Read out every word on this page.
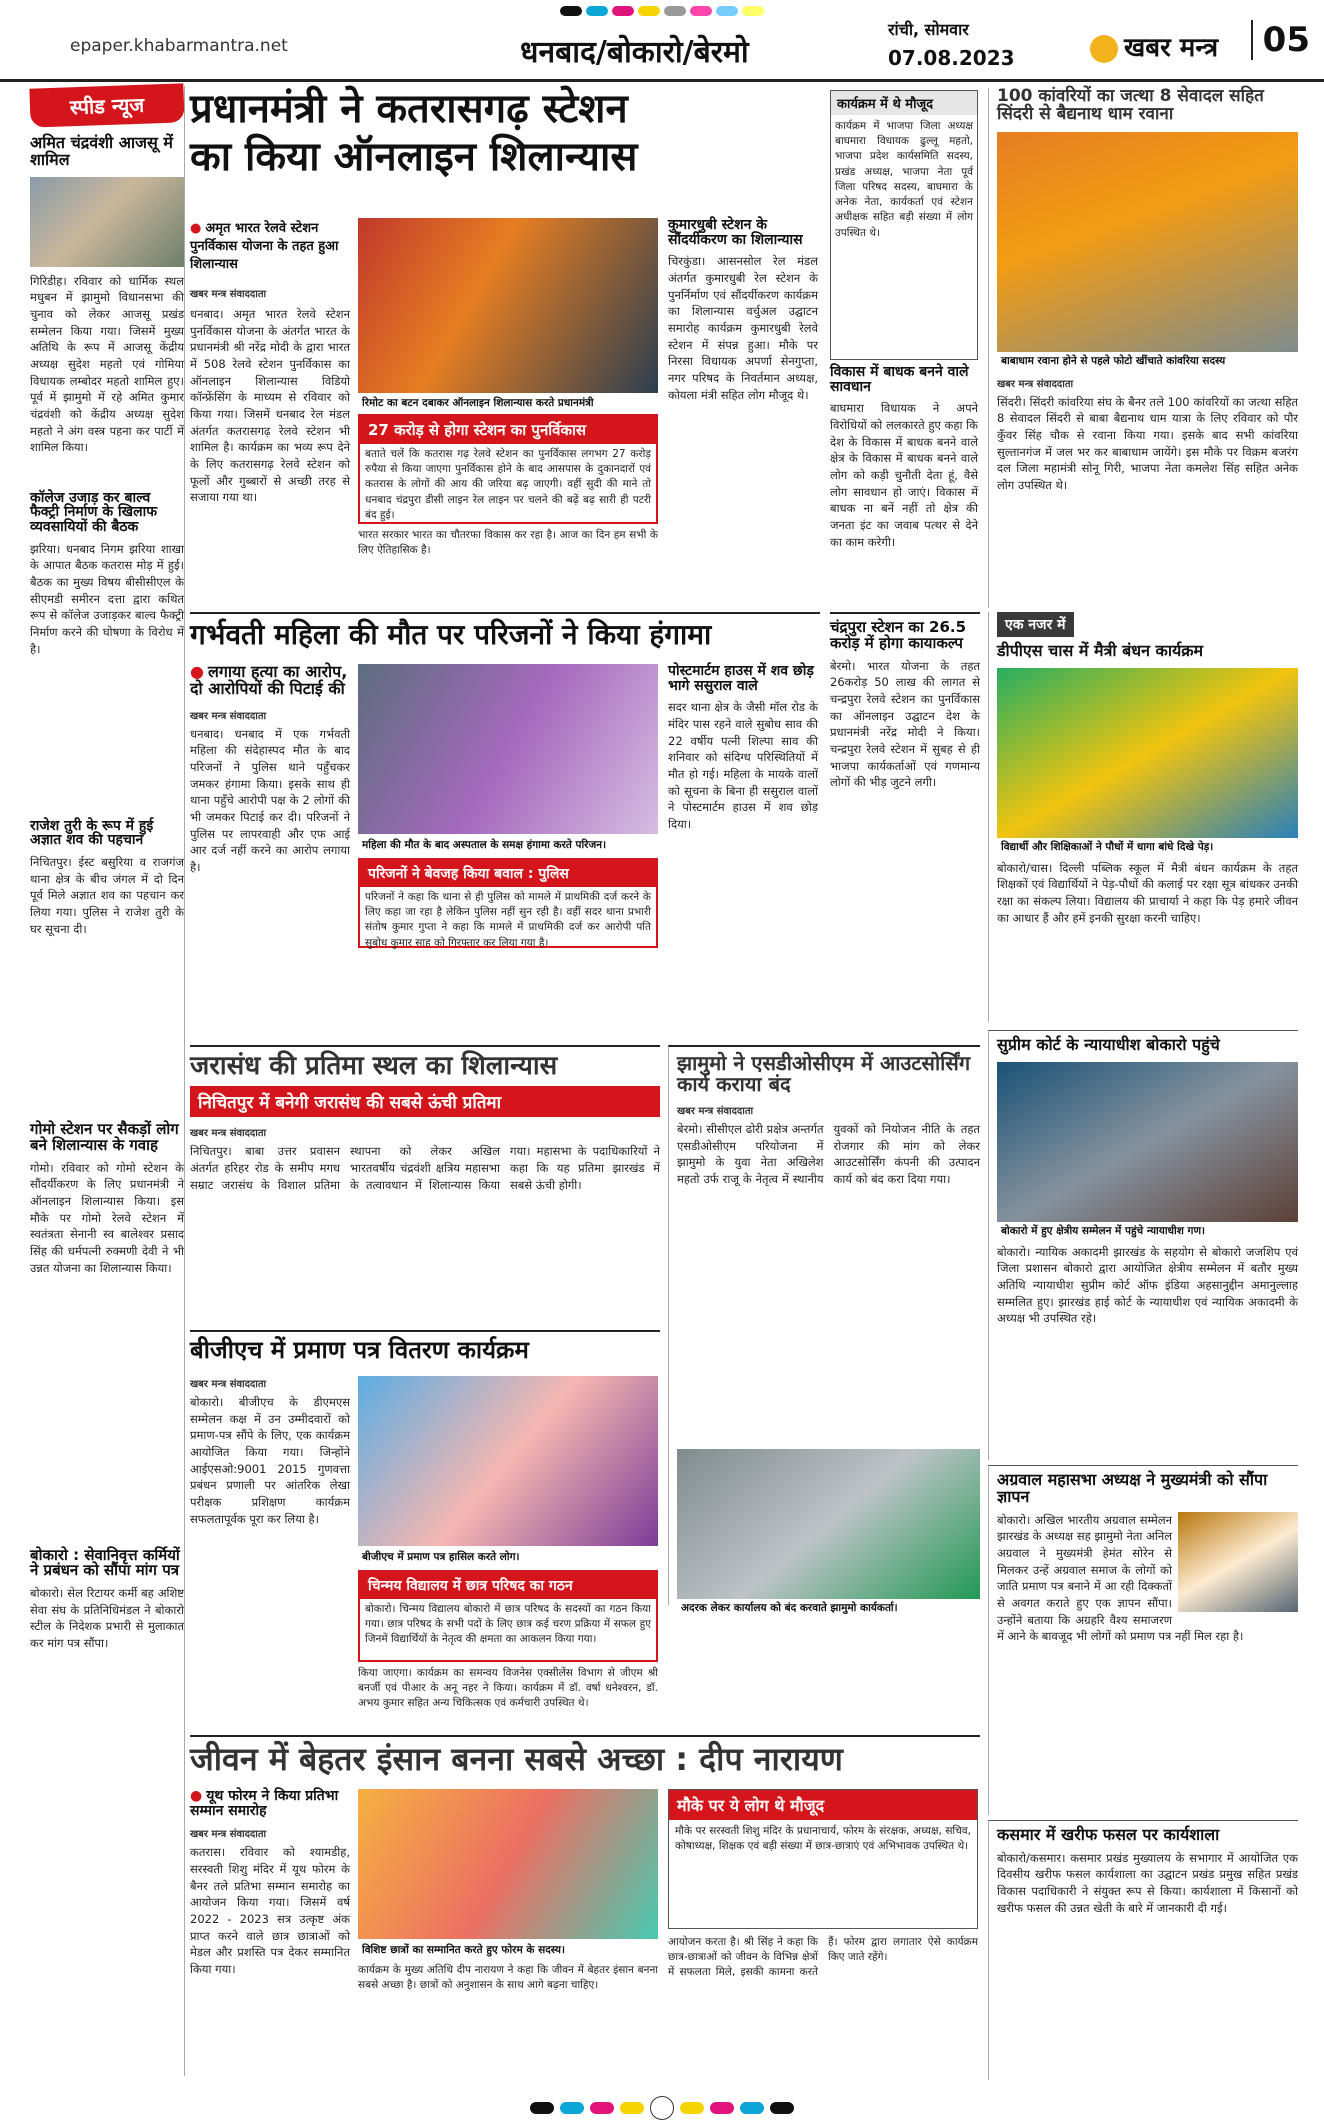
epaper.khabarmantra.net	धनबाद/बोकारो/बेरमो
रांची, सोमवार
07.08.2023	खबर मन्त्र	05
स्पीड न्यूज
अमित चंद्रवंशी आजसू में शामिल
गिरिडीह। रविवार को धार्मिक स्थल मधुबन में झामुमो विधानसभा की चुनाव को लेकर आजसू प्रखंड सम्मेलन किया गया। जिसमें मुख्य अतिथि के रूप में आजसू केंद्रीय अध्यक्ष सुदेश महतो एवं गोमिया विधायक लम्बोदर महतो शामिल हुए। पूर्व में झामुमो में रहे अमित कुमार चंद्रवंशी को केंद्रीय अध्यक्ष सुदेश महतो ने अंग वस्त्र पहना कर पार्टी में शामिल किया।
कॉलेज उजाड़ कर बाल्व फैक्ट्री निर्माण के खिलाफ व्यवसायियों की बैठक
झरिया। धनबाद निगम झरिया शाखा के आपात बैठक कतरास मोड़ में हुई। बैठक का मुख्य विषय बीसीसीएल के सीएमडी समीरन दत्ता द्वारा कथित रूप से कॉलेज उजाड़कर बाल्व फैक्ट्री निर्माण करने की घोषणा के विरोध में है।
राजेश तुरी के रूप में हुई अज्ञात शव की पहचान
निचितपुर। ईस्ट बसुरिया व राजगंज थाना क्षेत्र के बीच जंगल में दो दिन पूर्व मिले अज्ञात शव का पहचान कर लिया गया। पुलिस ने राजेश तुरी के घर सूचना दी।
गोमो स्टेशन पर सैकड़ों लोग बने शिलान्यास के गवाह
गोमो। रविवार को गोमो स्टेशन के सौंदर्यीकरण के लिए प्रधानमंत्री ने ऑनलाइन शिलान्यास किया। इस मौके पर गोमो रेलवे स्टेशन में स्वतंत्रता सेनानी स्व बालेश्वर प्रसाद सिंह की धर्मपत्नी रुक्मणी देवी ने भी उन्नत योजना का शिलान्यास किया।
बोकारो : सेवानिवृत्त कर्मियों ने प्रबंधन को सौंपा मांग पत्र
बोकारो। सेल रिटायर कर्मी बह अशिष्ट सेवा संघ के प्रतिनिधिमंडल ने बोकारो स्टील के निदेशक प्रभारी से मुलाकात कर मांग पत्र सौंपा।
प्रधानमंत्री ने कतरासगढ़ स्टेशन
का किया ऑनलाइन शिलान्यास
● अमृत भारत रेलवे स्टेशन पुनर्विकास योजना के तहत हुआ शिलान्यास
खबर मन्त्र संवाददाता
धनबाद। अमृत भारत रेलवे स्टेशन पुनर्विकास योजना के अंतर्गत भारत के प्रधानमंत्री श्री नरेंद्र मोदी के द्वारा भारत में 508 रेलवे स्टेशन पुनर्विकास का ऑनलाइन शिलान्यास विडियो कॉन्फ्रेंसिंग के माध्यम से रविवार को किया गया। जिसमें धनबाद रेल मंडल अंतर्गत कतरासगढ़ रेलवे स्टेशन भी शामिल है। कार्यक्रम का भव्य रूप देने के लिए कतरासगढ़ रेलवे स्टेशन को फूलों और गुब्बारों से अच्छी तरह से सजाया गया था।
रिमोट का बटन दबाकर ऑनलाइन शिलान्यास करते प्रधानमंत्री
27 करोड़ से होगा स्टेशन का पुनर्विकास
बताते चलें कि कतरास गढ़ रेलवे स्टेशन का पुनर्विकास लगभग 27 करोड़ रुपैया से किया जाएगा पुनर्विकास होने के बाद आसपास के दुकानदारों एवं कतरास के लोगों की आय की जरिया बढ़ जाएगी। वहीं सुदी की माने तो धनबाद चंद्रपुरा डीसी लाइन रेल लाइन पर चलने की बढ़ें बढ़ सारी ही पटरी बंद हुई।
भारत सरकार भारत का चौतरफा विकास कर रहा है। आज का दिन हम सभी के लिए ऐतिहासिक है।
कुमारधुबी स्टेशन के सौंदर्यीकरण का शिलान्यास
चिरकुंडा। आसनसोल रेल मंडल अंतर्गत कुमारधुबी रेल स्टेशन के पुनर्निर्माण एवं सौंदर्यीकरण कार्यक्रम का शिलान्यास वर्चुअल उद्घाटन समारोह कार्यक्रम कुमारधुबी रेलवे स्टेशन में संपन्न हुआ। मौके पर निरसा विधायक अपर्णा सेनगुप्ता, नगर परिषद के निवर्तमान अध्यक्ष, कोयला मंत्री सहित लोग मौजूद थे।
कार्यक्रम में थे मौजूद
कार्यक्रम में भाजपा जिला अध्यक्ष बाघमारा विधायक ढुल्लू महतो, भाजपा प्रदेश कार्यसमिति सदस्य, प्रखंड अध्यक्ष, भाजपा नेता पूर्व जिला परिषद सदस्य, बाघमारा के अनेक नेता, कार्यकर्ता एवं स्टेशन अधीक्षक सहित बड़ी संख्या में लोग उपस्थित थे।
विकास में बाधक बनने वाले सावधान
बाघमारा विधायक ने अपने विरोधियों को ललकारते हुए कहा कि देश के विकास में बाधक बनने वाले क्षेत्र के विकास में बाधक बनने वाले लोग को कड़ी चुनौती देता हूं, वैसे लोग सावधान हो जाएं। विकास में बाधक ना बनें नहीं तो क्षेत्र की जनता इंट का जवाब पत्थर से देने का काम करेगी।
100 कांवरियों का जत्था 8 सेवादल सहित सिंदरी से बैद्यनाथ धाम रवाना
बाबाधाम रवाना होने से पहले फोटो खींचाते कांवरिया सदस्य
खबर मन्त्र संवाददाता
सिंदरी। सिंदरी कांवरिया संघ के बैनर तले 100 कांवरियों का जत्था सहित 8 सेवादल सिंदरी से बाबा बैद्यनाथ धाम यात्रा के लिए रविवार को पौर कुँवर सिंह चौक से रवाना किया गया। इसके बाद सभी कांवरिया सुल्तानगंज में जल भर कर बाबाधाम जायेंगे। इस मौके पर विक्रम बजरंग दल जिला महामंत्री सोनू गिरी, भाजपा नेता कमलेश सिंह सहित अनेक लोग उपस्थित थे।
गर्भवती महिला की मौत पर परिजनों ने किया हंगामा
● लगाया हत्या का आरोप, दो आरोपियों की पिटाई की
खबर मन्त्र संवाददाता
धनबाद। धनबाद में एक गर्भवती महिला की संदेहास्पद मौत के बाद परिजनों ने पुलिस थाने पहुँचकर जमकर हंगामा किया। इसके साथ ही थाना पहुँचे आरोपी पक्ष के 2 लोगों की भी जमकर पिटाई कर दी। परिजनों ने पुलिस पर लापरवाही और एफ आई आर दर्ज नहीं करने का आरोप लगाया है।
महिला की मौत के बाद अस्पताल के समक्ष हंगामा करते परिजन।
परिजनों ने बेवजह किया बवाल : पुलिस
परिजनों ने कहा कि थाना से ही पुलिस को मामले में प्राथमिकी दर्ज करने के लिए कहा जा रहा है लेकिन पुलिस नहीं सुन रही है। वहीं सदर थाना प्रभारी संतोष कुमार गुप्ता ने कहा कि मामले में प्राथमिकी दर्ज कर आरोपी पति सुबोध कुमार साह को गिरफ्तार कर लिया गया है।
पोस्टमार्टम हाउस में शव छोड़ भागे ससुराल वाले
सदर थाना क्षेत्र के जैसी मॉल रोड के मंदिर पास रहने वाले सुबोध साव की 22 वर्षीय पत्नी शिल्पा साव की शनिवार को संदिग्ध परिस्थितियों में मौत हो गई। महिला के मायके वालों को सूचना के बिना ही ससुराल वालों ने पोस्टमार्टम हाउस में शव छोड़ दिया।
चंद्रपुरा स्टेशन का 26.5 करोड़ में होगा कायाकल्प
बेरमो। भारत योजना के तहत 26करोड़ 50 लाख की लागत से चन्द्रपुरा रेलवे स्टेशन का पुनर्विकास का ऑनलाइन उद्घाटन देश के प्रधानमंत्री नरेंद्र मोदी ने किया। चन्द्रपुरा रेलवे स्टेशन में सुबह से ही भाजपा कार्यकर्ताओं एवं गणमान्य लोगों की भीड़ जुटने लगी।
एक नजर में
डीपीएस चास में मैत्री बंधन कार्यक्रम
विद्यार्थी और शिक्षिकाओं ने पौधों में धागा बांधे दिखे पेड़।
बोकारो/चास। दिल्ली पब्लिक स्कूल में मैत्री बंधन कार्यक्रम के तहत शिक्षकों एवं विद्यार्थियों ने पेड़-पौधों की कलाई पर रक्षा सूत्र बांधकर उनकी रक्षा का संकल्प लिया। विद्यालय की प्राचार्या ने कहा कि पेड़ हमारे जीवन का आधार हैं और हमें इनकी सुरक्षा करनी चाहिए।
जरासंध की प्रतिमा स्थल का शिलान्यास
निचितपुर में बनेगी जरासंध की सबसे ऊंची प्रतिमा
खबर मन्त्र संवाददाता
निचितपुर। बाबा उत्तर प्रवासन अंतर्गत हरिहर रोड के समीप मगध सम्राट जरासंध के विशाल प्रतिमा स्थापना को लेकर अखिल भारतवर्षीय चंद्रवंशी क्षत्रिय महासभा के तत्वावधान में शिलान्यास किया गया। महासभा के पदाधिकारियों ने कहा कि यह प्रतिमा झारखंड में सबसे ऊंची होगी।
झामुमो ने एसडीओसीएम में आउटसोर्सिंग कार्य कराया बंद
खबर मन्त्र संवाददाता
बेरमो। सीसीएल ढोरी प्रक्षेत्र अन्तर्गत एसडीओसीएम परियोजना में झामुमो के युवा नेता अखिलेश महतो उर्फ राजू के नेतृत्व में स्थानीय युवकों को नियोजन नीति के तहत रोजगार की मांग को लेकर आउटसोर्सिंग कंपनी की उत्पादन कार्य को बंद करा दिया गया।
अदरक लेकर कार्यालय को बंद करवाते झामुमो कार्यकर्ता।
सुप्रीम कोर्ट के न्यायाधीश बोकारो पहुंचे
बोकारो में हुए क्षेत्रीय सम्मेलन में पहुंचे न्यायाधीश गण।
बोकारो। न्यायिक अकादमी झारखंड के सहयोग से बोकारो जजशिप एवं जिला प्रशासन बोकारो द्वारा आयोजित क्षेत्रीय सम्मेलन में बतौर मुख्य अतिथि न्यायाधीश सुप्रीम कोर्ट ऑफ इंडिया अहसानुद्दीन अमानुल्लाह सम्मलित हुए। झारखंड हाई कोर्ट के न्यायाधीश एवं न्यायिक अकादमी के अध्यक्ष भी उपस्थित रहे।
बीजीएच में प्रमाण पत्र वितरण कार्यक्रम
खबर मन्त्र संवाददाता
बोकारो। बीजीएच के डीएमएस सम्मेलन कक्ष में उन उम्मीदवारों को प्रमाण-पत्र सौंपे के लिए, एक कार्यक्रम आयोजित किया गया। जिन्होंने आईएसओ:9001 2015 गुणवत्ता प्रबंधन प्रणाली पर आंतरिक लेखा परीक्षक प्रशिक्षण कार्यक्रम सफलतापूर्वक पूरा कर लिया है।
बीजीएच में प्रमाण पत्र हासिल करते लोग।
चिन्मय विद्यालय में छात्र परिषद का गठन
बोकारो। चिन्मय विद्यालय बोकारो में छात्र परिषद के सदस्यों का गठन किया गया। छात्र परिषद के सभी पदों के लिए छात्र कई चरण प्रक्रिया में सफल हुए जिनमें विद्यार्थियों के नेतृत्व की क्षमता का आकलन किया गया।
किया जाएगा। कार्यक्रम का समन्वय विजनेस एक्सीलेंस विभाग से जीएम श्री बनर्जी एवं पीआर के अनू नहर ने किया। कार्यक्रम में डॉ. वर्षा धनेश्वरन, डॉ. अभय कुमार सहित अन्य चिकित्सक एवं कर्मचारी उपस्थित थे।
अग्रवाल महासभा अध्यक्ष ने मुख्यमंत्री को सौंपा ज्ञापन
बोकारो। अखिल भारतीय अग्रवाल सम्मेलन झारखंड के अध्यक्ष सह झामुमो नेता अनिल अग्रवाल ने मुख्यमंत्री हेमंत सोरेन से मिलकर उन्हें अग्रवाल समाज के लोगों को जाति प्रमाण पत्र बनाने में आ रही दिक्कतों से अवगत कराते हुए एक ज्ञापन सौंपा। उन्होंने बताया कि अग्रहरि वैश्य समाजरण में आने के बावजूद भी लोगों को प्रमाण पत्र नहीं मिल रहा है।
जीवन में बेहतर इंसान बनना सबसे अच्छा : दीप नारायण
● यूथ फोरम ने किया प्रतिभा सम्मान समारोह
खबर मन्त्र संवाददाता
कतरास। रविवार को श्यामडीह, सरस्वती शिशु मंदिर में यूथ फोरम के बैनर तले प्रतिभा सम्मान समारोह का आयोजन किया गया। जिसमें वर्ष 2022 - 2023 सत्र उत्कृष्ट अंक प्राप्त करने वाले छात्र छात्राओं को मेडल और प्रशस्ति पत्र देकर सम्मानित किया गया।
विशिष्ट छात्रों का सम्मानित करते हुए फोरम के सदस्य।
कार्यक्रम के मुख्य अतिथि दीप नारायण ने कहा कि जीवन में बेहतर इंसान बनना सबसे अच्छा है। छात्रों को अनुशासन के साथ आगे बढ़ना चाहिए।
मौके पर ये लोग थे मौजूद
मौके पर सरस्वती शिशु मंदिर के प्रधानाचार्य, फोरम के संरक्षक, अध्यक्ष, सचिव, कोषाध्यक्ष, शिक्षक एवं बड़ी संख्या में छात्र-छात्राएं एवं अभिभावक उपस्थित थे।
आयोजन करता है। श्री सिंह ने कहा कि छात्र-छात्राओं को जीवन के विभिन्न क्षेत्रों में सफलता मिले, इसकी कामना करते हैं। फोरम द्वारा लगातार ऐसे कार्यक्रम किए जाते रहेंगे।
कसमार में खरीफ फसल पर कार्यशाला
बोकारो/कसमार। कसमार प्रखंड मुख्यालय के सभागार में आयोजित एक दिवसीय खरीफ फसल कार्यशाला का उद्घाटन प्रखंड प्रमुख सहित प्रखंड विकास पदाधिकारी ने संयुक्त रूप से किया। कार्यशाला में किसानों को खरीफ फसल की उन्नत खेती के बारे में जानकारी दी गई।
